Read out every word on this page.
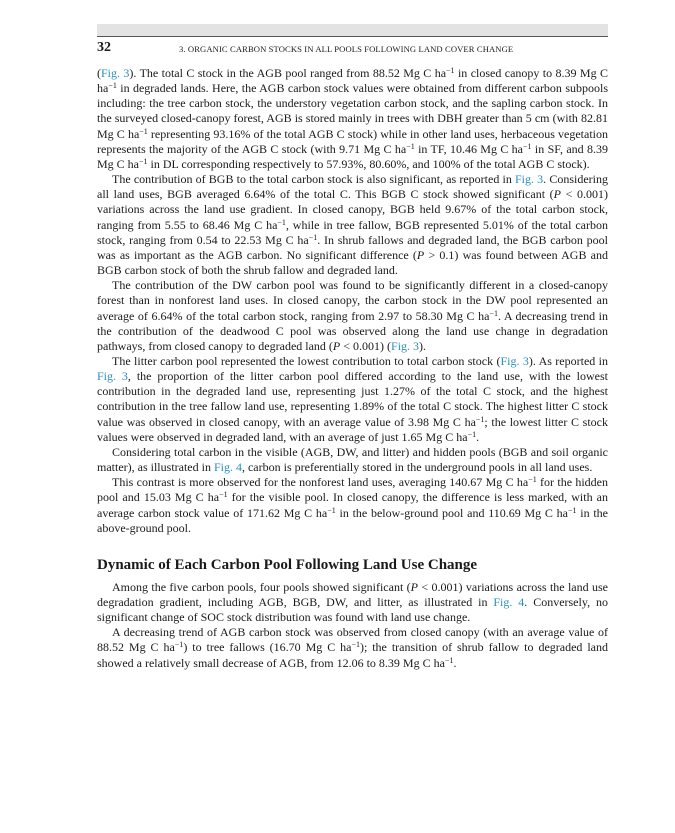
32	3. ORGANIC CARBON STOCKS IN ALL POOLS FOLLOWING LAND COVER CHANGE

(Fig. 3). The total C stock in the AGB pool ranged from 88.52 Mg C $ha^{-1}$ in closed canopy to 8.39 Mg C $ha^{-1}$ in degraded lands. Here, the AGB carbon stock values were obtained from different carbon subpools including: the tree carbon stock, the understory vegetation carbon stock, and the sapling carbon stock. In the surveyed closed-canopy forest, AGB is stored mainly in trees with DBH greater than 5 cm (with 82.81 Mg C $ha^{-1}$ representing 93.16% of the total AGB C stock) while in other land uses, herbaceous vegetation represents the majority of the AGB C stock (with 9.71 Mg C $ha^{-1}$ in TF, 10.46 Mg C $ha^{-1}$ in SF, and 8.39 Mg C $ha^{-1}$ in DL corresponding respectively to 57.93%, 80.60%, and 100% of the total AGB C stock).

The contribution of BGB to the total carbon stock is also significant, as reported in Fig. 3. Considering all land uses, BGB averaged 6.64% of the total C. This BGB C stock showed significant (P < 0.001) variations across the land use gradient. In closed canopy, BGB held 9.67% of the total carbon stock, ranging from 5.55 to 68.46 Mg C $ha^{-1}$, while in tree fallow, BGB represented 5.01% of the total carbon stock, ranging from 0.54 to 22.53 Mg C $ha^{-1}$. In shrub fallows and degraded land, the BGB carbon pool was as important as the AGB carbon. No significant difference (P > 0.1) was found between AGB and BGB carbon stock of both the shrub fallow and degraded land.

The contribution of the DW carbon pool was found to be significantly different in a closed-canopy forest than in nonforest land uses. In closed canopy, the carbon stock in the DW pool represented an average of 6.64% of the total carbon stock, ranging from 2.97 to 58.30 Mg C $ha^{-1}$. A decreasing trend in the contribution of the deadwood C pool was observed along the land use change in degradation pathways, from closed canopy to degraded land (P < 0.001) (Fig. 3).

The litter carbon pool represented the lowest contribution to total carbon stock (Fig. 3). As reported in Fig. 3, the proportion of the litter carbon pool differed according to the land use, with the lowest contribution in the degraded land use, representing just 1.27% of the total C stock, and the highest contribution in the tree fallow land use, representing 1.89% of the total C stock. The highest litter C stock value was observed in closed canopy, with an average value of 3.98 Mg C $ha^{-1}$; the lowest litter C stock values were observed in degraded land, with an average of just 1.65 Mg C $ha^{-1}$.

Considering total carbon in the visible (AGB, DW, and litter) and hidden pools (BGB and soil organic matter), as illustrated in Fig. 4, carbon is preferentially stored in the underground pools in all land uses.

This contrast is more observed for the nonforest land uses, averaging 140.67 Mg C $ha^{-1}$ for the hidden pool and 15.03 Mg C $ha^{-1}$ for the visible pool. In closed canopy, the difference is less marked, with an average carbon stock value of 171.62 Mg C $ha^{-1}$ in the below-ground pool and 110.69 Mg C $ha^{-1}$ in the above-ground pool.

Dynamic of Each Carbon Pool Following Land Use Change

Among the five carbon pools, four pools showed significant (P < 0.001) variations across the land use degradation gradient, including AGB, BGB, DW, and litter, as illustrated in Fig. 4. Conversely, no significant change of SOC stock distribution was found with land use change.

A decreasing trend of AGB carbon stock was observed from closed canopy (with an average value of 88.52 Mg C $ha^{-1}$) to tree fallows (16.70 Mg C $ha^{-1}$); the transition of shrub fallow to degraded land showed a relatively small decrease of AGB, from 12.06 to 8.39 Mg C $ha^{-1}$.
